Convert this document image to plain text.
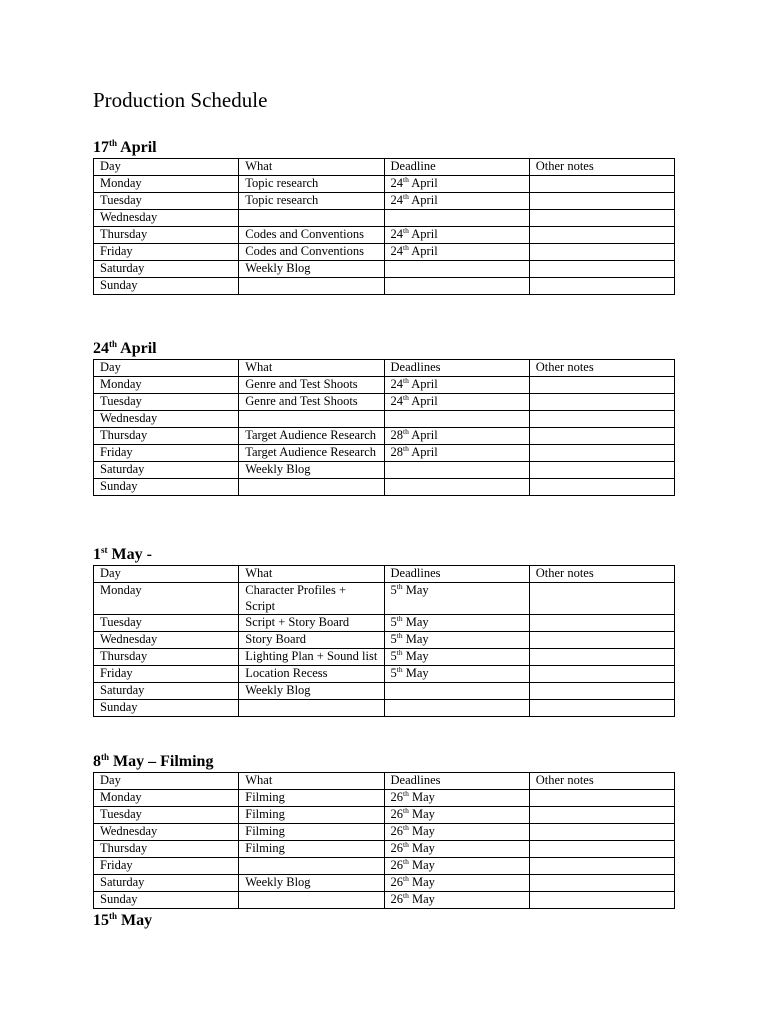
Production Schedule
17th April
Day	What	Deadline	Other notes
Monday	Topic research	24th April	
Tuesday	Topic research	24th April	
Wednesday			
Thursday	Codes and Conventions	24th April	
Friday	Codes and Conventions	24th April	
Saturday	Weekly Blog		
Sunday			
24th April
Day	What	Deadlines	Other notes
Monday	Genre and Test Shoots	24th April	
Tuesday	Genre and Test Shoots	24th April	
Wednesday			
Thursday	Target Audience Research	28th April	
Friday	Target Audience Research	28th April	
Saturday	Weekly Blog		
Sunday			
1st May -
Day	What	Deadlines	Other notes
Monday	Character Profiles + Script	5th May	
Tuesday	Script + Story Board	5th May	
Wednesday	Story Board	5th May	
Thursday	Lighting Plan + Sound list	5th May	
Friday	Location Recess	5th May	
Saturday	Weekly Blog		
Sunday			
8th May – Filming
Day	What	Deadlines	Other notes
Monday	Filming	26th May	
Tuesday	Filming	26th May	
Wednesday	Filming	26th May	
Thursday	Filming	26th May	
Friday		26th May	
Saturday	Weekly Blog	26th May	
Sunday		26th May	
15th May
